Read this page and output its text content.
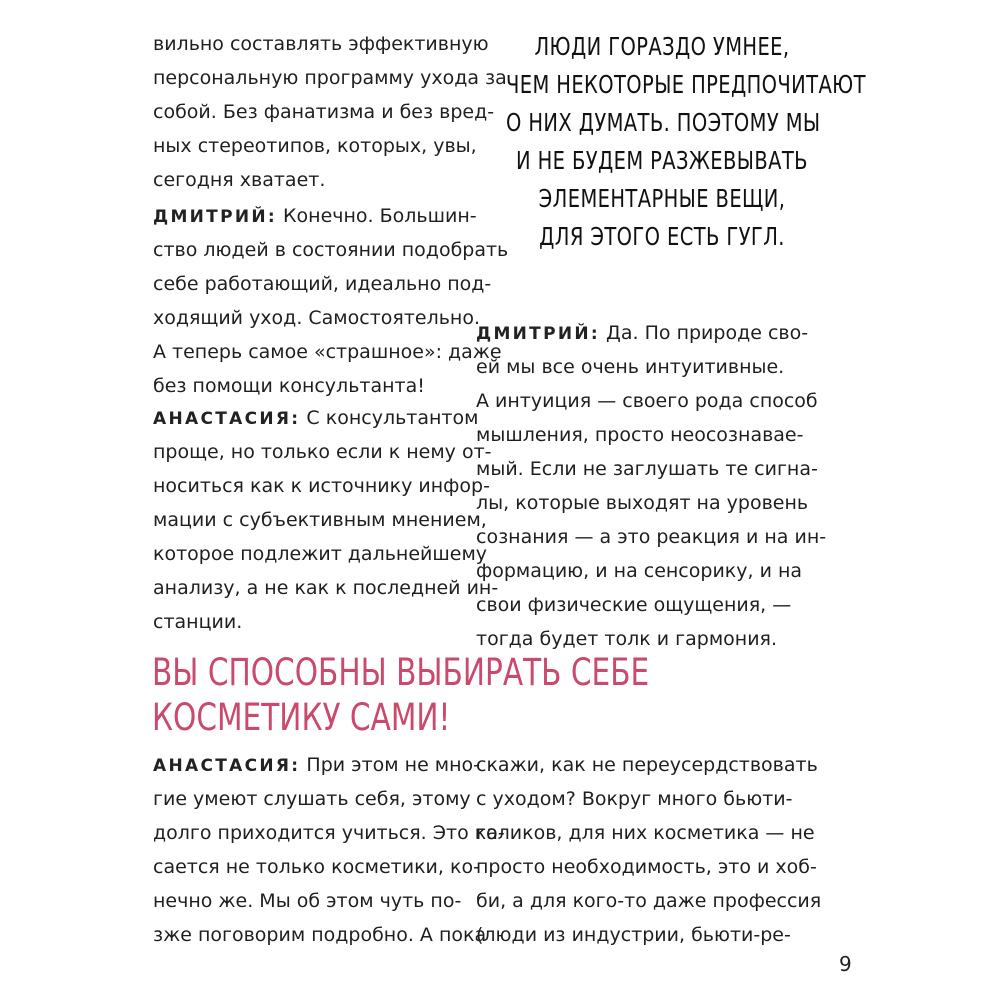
вильно составлять эффективную
персональную программу ухода за
собой. Без фанатизма и без вред-
ных стереотипов, которых, увы,
сегодня хватает.
ДМИТРИЙ: Конечно. Большин-
ство людей в состоянии подобрать
себе работающий, идеально под-
ходящий уход. Самостоятельно.
А теперь самое «страшное»: даже
без помощи консультанта!
АНАСТАСИЯ: С консультантом
проще, но только если к нему от-
носиться как к источнику инфор-
мации с субъективным мнением,
которое подлежит дальнейшему
анализу, а не как к последней ин-
станции.
ЛЮДИ ГОРАЗДО УМНЕЕ,
ЧЕМ НЕКОТОРЫЕ ПРЕДПОЧИТАЮТ
О НИХ ДУМАТЬ. ПОЭТОМУ МЫ
И НЕ БУДЕМ РАЗЖЕВЫВАТЬ
ЭЛЕМЕНТАРНЫЕ ВЕЩИ,
ДЛЯ ЭТОГО ЕСТЬ ГУГЛ.
ДМИТРИЙ: Да. По природе сво-
ей мы все очень интуитивные.
А интуиция — своего рода способ
мышления, просто неосознавае-
мый. Если не заглушать те сигна-
лы, которые выходят на уровень
сознания — а это реакция и на ин-
формацию, и на сенсорику, и на
свои физические ощущения, —
тогда будет толк и гармония.
ВЫ СПОСОБНЫ ВЫБИРАТЬ СЕБЕ
КОСМЕТИКУ САМИ!
АНАСТАСИЯ: При этом не мно-
гие умеют слушать себя, этому
долго приходится учиться. Это ка-
сается не только косметики, ко-
нечно же. Мы об этом чуть по-
зже поговорим подробно. А пока
скажи, как не переусердствовать
с уходом? Вокруг много бьюти-
голиков, для них косметика — не
просто необходимость, это и хоб-
би, а для кого-то даже профессия
(люди из индустрии, бьюти-ре-
9
